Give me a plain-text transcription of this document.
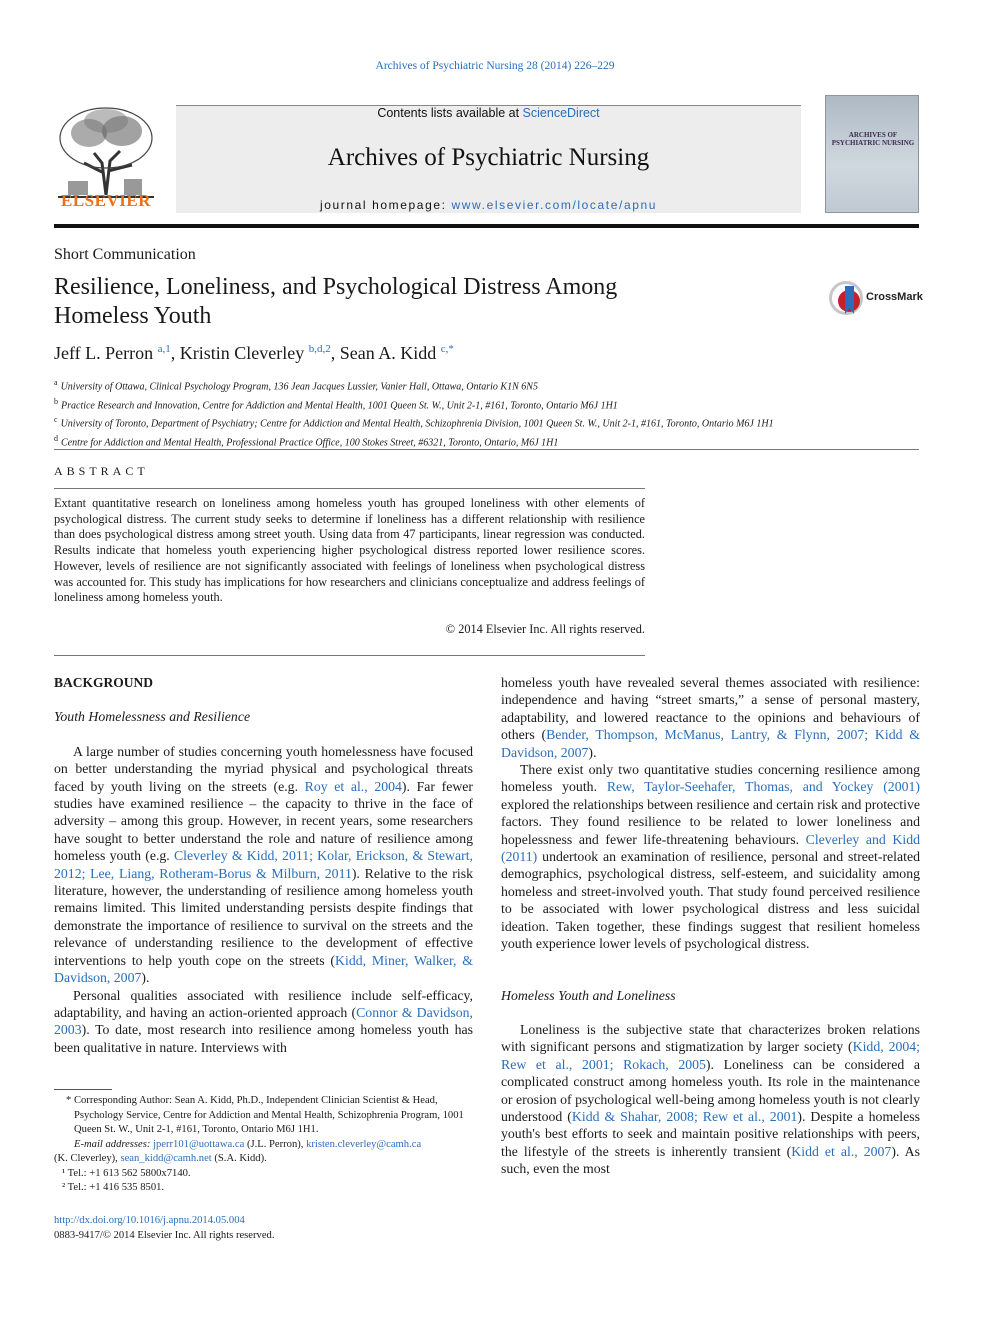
Archives of Psychiatric Nursing 28 (2014) 226–229
ELSEVIER
Contents lists available at ScienceDirect
Archives of Psychiatric Nursing
journal homepage: www.elsevier.com/locate/apnu
ARCHIVES OF PSYCHIATRIC NURSING
Short Communication
Resilience, Loneliness, and Psychological Distress Among
Homeless Youth
CrossMark
Jeff L. Perron $^{a,1}$, Kristin Cleverley $^{b,d,2}$, Sean A. Kidd $^{c,*}$
$^a$ University of Ottawa, Clinical Psychology Program, 136 Jean Jacques Lussier, Vanier Hall, Ottawa, Ontario K1N 6N5
$^b$ Practice Research and Innovation, Centre for Addiction and Mental Health, 1001 Queen St. W., Unit 2-1, #161, Toronto, Ontario M6J 1H1
$^c$ University of Toronto, Department of Psychiatry; Centre for Addiction and Mental Health, Schizophrenia Division, 1001 Queen St. W., Unit 2-1, #161, Toronto, Ontario M6J 1H1
$^d$ Centre for Addiction and Mental Health, Professional Practice Office, 100 Stokes Street, #6321, Toronto, Ontario, M6J 1H1
ABSTRACT
Extant quantitative research on loneliness among homeless youth has grouped loneliness with other elements of psychological distress. The current study seeks to determine if loneliness has a different relationship with resilience than does psychological distress among street youth. Using data from 47 participants, linear regression was conducted. Results indicate that homeless youth experiencing higher psychological distress reported lower resilience scores. However, levels of resilience are not significantly associated with feelings of loneliness when psychological distress was accounted for. This study has implications for how researchers and clinicians conceptualize and address feelings of loneliness among homeless youth.
© 2014 Elsevier Inc. All rights reserved.
BACKGROUND
Youth Homelessness and Resilience
A large number of studies concerning youth homelessness have focused on better understanding the myriad physical and psychological threats faced by youth living on the streets (e.g. Roy et al., 2004). Far fewer studies have examined resilience – the capacity to thrive in the face of adversity – among this group. However, in recent years, some researchers have sought to better understand the role and nature of resilience among homeless youth (e.g. Cleverley & Kidd, 2011; Kolar, Erickson, & Stewart, 2012; Lee, Liang, Rotheram-Borus & Milburn, 2011). Relative to the risk literature, however, the understanding of resilience among homeless youth remains limited. This limited understanding persists despite findings that demonstrate the importance of resilience to survival on the streets and the relevance of understanding resilience to the development of effective interventions to help youth cope on the streets (Kidd, Miner, Walker, & Davidson, 2007).
Personal qualities associated with resilience include self-efficacy, adaptability, and having an action-oriented approach (Connor & Davidson, 2003). To date, most research into resilience among homeless youth has been qualitative in nature. Interviews with
homeless youth have revealed several themes associated with resilience: independence and having “street smarts,” a sense of personal mastery, adaptability, and lowered reactance to the opinions and behaviours of others (Bender, Thompson, McManus, Lantry, & Flynn, 2007; Kidd & Davidson, 2007).
There exist only two quantitative studies concerning resilience among homeless youth. Rew, Taylor-Seehafer, Thomas, and Yockey (2001) explored the relationships between resilience and certain risk and protective factors. They found resilience to be related to lower loneliness and hopelessness and fewer life-threatening behaviours. Cleverley and Kidd (2011) undertook an examination of resilience, personal and street-related demographics, psychological distress, self-esteem, and suicidality among homeless and street-involved youth. That study found perceived resilience to be associated with lower psychological distress and less suicidal ideation. Taken together, these findings suggest that resilient homeless youth experience lower levels of psychological distress.
Homeless Youth and Loneliness
Loneliness is the subjective state that characterizes broken relations with significant persons and stigmatization by larger society (Kidd, 2004; Rew et al., 2001; Rokach, 2005). Loneliness can be considered a complicated construct among homeless youth. Its role in the maintenance or erosion of psychological well-being among homeless youth is not clearly understood (Kidd & Shahar, 2008; Rew et al., 2001). Despite a homeless youth's best efforts to seek and maintain positive relationships with peers, the lifestyle of the streets is inherently transient (Kidd et al., 2007). As such, even the most
* Corresponding Author: Sean A. Kidd, Ph.D., Independent Clinician Scientist & Head, Psychology Service, Centre for Addiction and Mental Health, Schizophrenia Program, 1001 Queen St. W., Unit 2-1, #161, Toronto, Ontario M6J 1H1.
E-mail addresses: jperr101@uottawa.ca (J.L. Perron), kristen.cleverley@camh.ca
(K. Cleverley), sean_kidd@camh.net (S.A. Kidd).
¹ Tel.: +1 613 562 5800x7140.
² Tel.: +1 416 535 8501.
http://dx.doi.org/10.1016/j.apnu.2014.05.004
0883-9417/© 2014 Elsevier Inc. All rights reserved.
